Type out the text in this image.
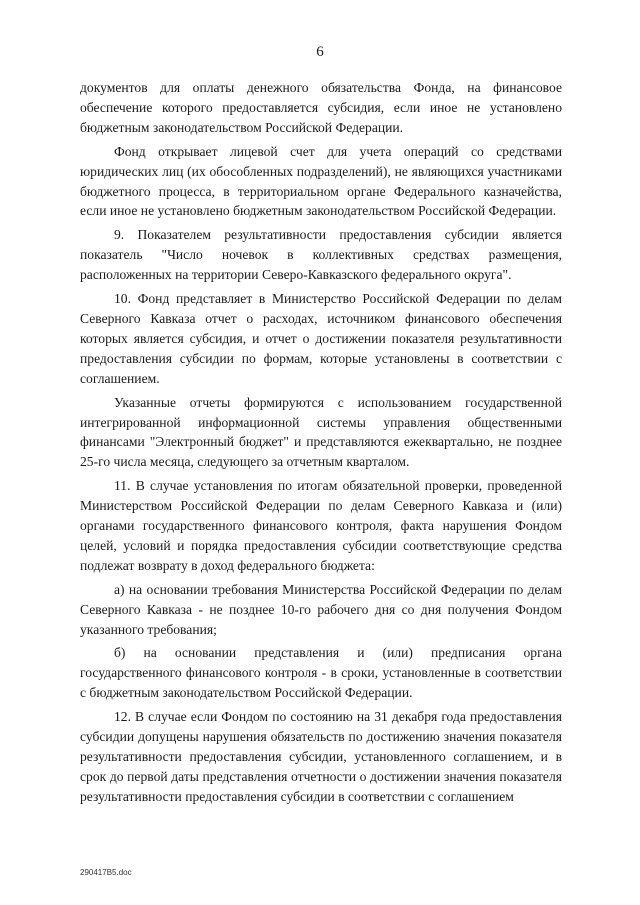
6

документов для оплаты денежного обязательства Фонда, на финансовое обеспечение которого предоставляется субсидия, если иное не установлено бюджетным законодательством Российской Федерации.

Фонд открывает лицевой счет для учета операций со средствами юридических лиц (их обособленных подразделений), не являющихся участниками бюджетного процесса, в территориальном органе Федерального казначейства, если иное не установлено бюджетным законодательством Российской Федерации.

9. Показателем результативности предоставления субсидии является показатель "Число ночевок в коллективных средствах размещения, расположенных на территории Северо-Кавказского федерального округа".

10. Фонд представляет в Министерство Российской Федерации по делам Северного Кавказа отчет о расходах, источником финансового обеспечения которых является субсидия, и отчет о достижении показателя результативности предоставления субсидии по формам, которые установлены в соответствии с соглашением.

Указанные отчеты формируются с использованием государственной интегрированной информационной системы управления общественными финансами "Электронный бюджет" и представляются ежеквартально, не позднее 25-го числа месяца, следующего за отчетным кварталом.

11. В случае установления по итогам обязательной проверки, проведенной Министерством Российской Федерации по делам Северного Кавказа и (или) органами государственного финансового контроля, факта нарушения Фондом целей, условий и порядка предоставления субсидии соответствующие средства подлежат возврату в доход федерального бюджета:

а) на основании требования Министерства Российской Федерации по делам Северного Кавказа - не позднее 10-го рабочего дня со дня получения Фондом указанного требования;

б) на основании представления и (или) предписания органа государственного финансового контроля - в сроки, установленные в соответствии с бюджетным законодательством Российской Федерации.

12. В случае если Фондом по состоянию на 31 декабря года предоставления субсидии допущены нарушения обязательств по достижению значения показателя результативности предоставления субсидии, установленного соглашением, и в срок до первой даты представления отчетности о достижении значения показателя результативности предоставления субсидии в соответствии с соглашением

290417В5.doc
